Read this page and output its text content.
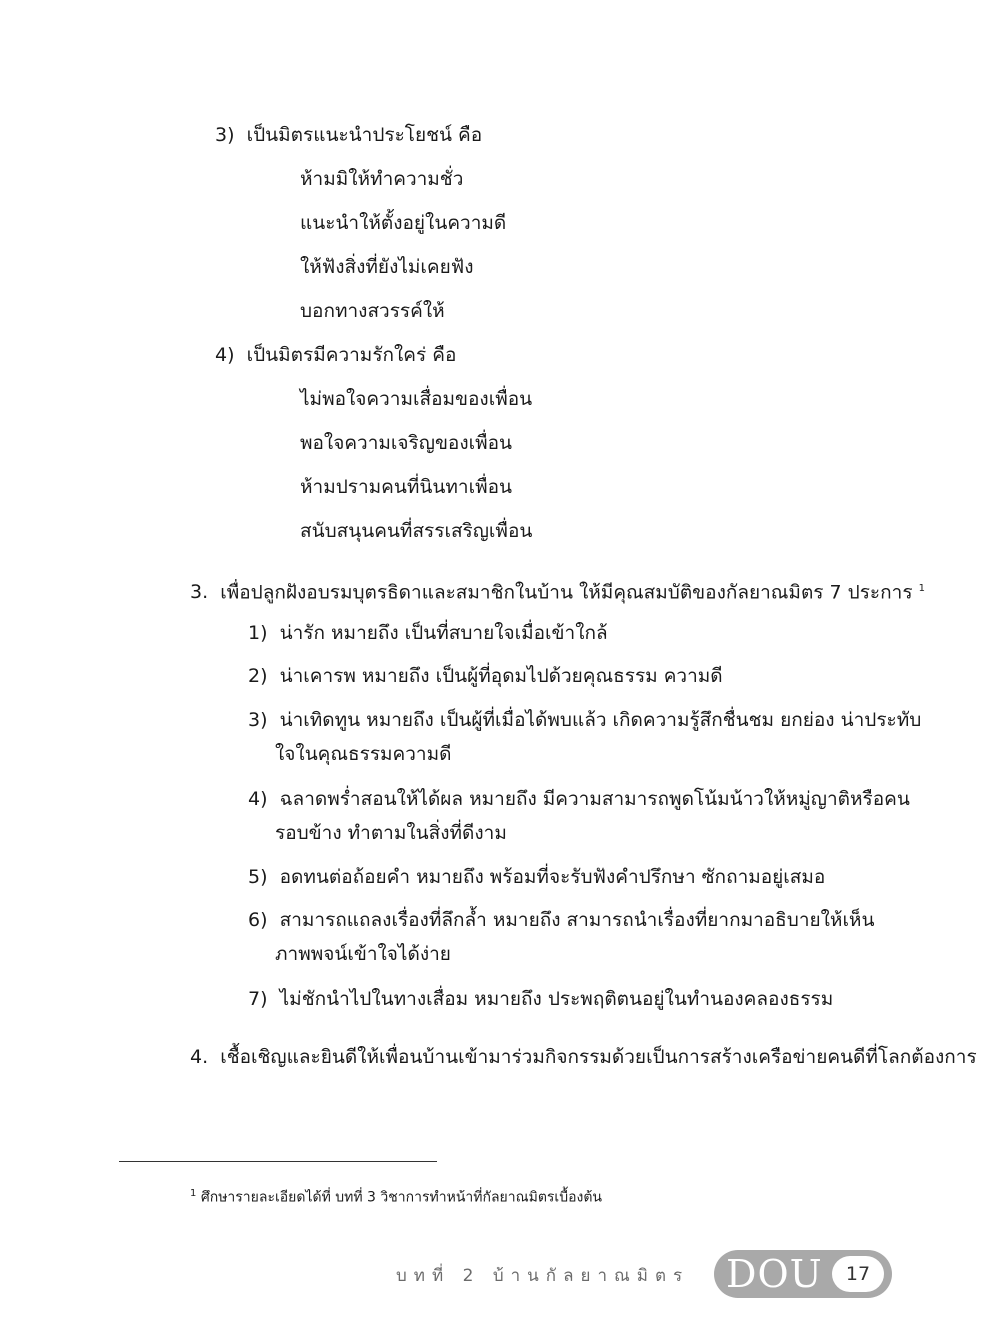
3) เป็นมิตรแนะนำประโยชน์ คือ
ห้ามมิให้ทำความชั่ว
แนะนำให้ตั้งอยู่ในความดี
ให้ฟังสิ่งที่ยังไม่เคยฟัง
บอกทางสวรรค์ให้
4) เป็นมิตรมีความรักใคร่ คือ
ไม่พอใจความเสื่อมของเพื่อน
พอใจความเจริญของเพื่อน
ห้ามปรามคนที่นินทาเพื่อน
สนับสนุนคนที่สรรเสริญเพื่อน
3. เพื่อปลูกฝังอบรมบุตรธิดาและสมาชิกในบ้าน ให้มีคุณสมบัติของกัลยาณมิตร 7 ประการ $^1$
1) น่ารัก หมายถึง เป็นที่สบายใจเมื่อเข้าใกล้
2) น่าเคารพ หมายถึง เป็นผู้ที่อุดมไปด้วยคุณธรรม ความดี
3) น่าเทิดทูน หมายถึง เป็นผู้ที่เมื่อได้พบแล้ว เกิดความรู้สึกชื่นชม ยกย่อง น่าประทับ
ใจในคุณธรรมความดี
4) ฉลาดพร่ำสอนให้ได้ผล หมายถึง มีความสามารถพูดโน้มน้าวให้หมู่ญาติหรือคน
รอบข้าง ทำตามในสิ่งที่ดีงาม
5) อดทนต่อถ้อยคำ หมายถึง พร้อมที่จะรับฟังคำปรึกษา ซักถามอยู่เสมอ
6) สามารถแถลงเรื่องที่ลึกล้ำ หมายถึง สามารถนำเรื่องที่ยากมาอธิบายให้เห็น
ภาพพจน์เข้าใจได้ง่าย
7) ไม่ชักนำไปในทางเสื่อม หมายถึง ประพฤติตนอยู่ในทำนองคลองธรรม
4. เชื้อเชิญและยินดีให้เพื่อนบ้านเข้ามาร่วมกิจกรรมด้วยเป็นการสร้างเครือข่ายคนดีที่โลกต้องการ
$^1$ ศึกษารายละเอียดได้ที่ บทที่ 3 วิชาการทำหน้าที่กัลยาณมิตรเบื้องต้น
บทที่ 2 บ้านกัลยาณมิตร DOU	17
